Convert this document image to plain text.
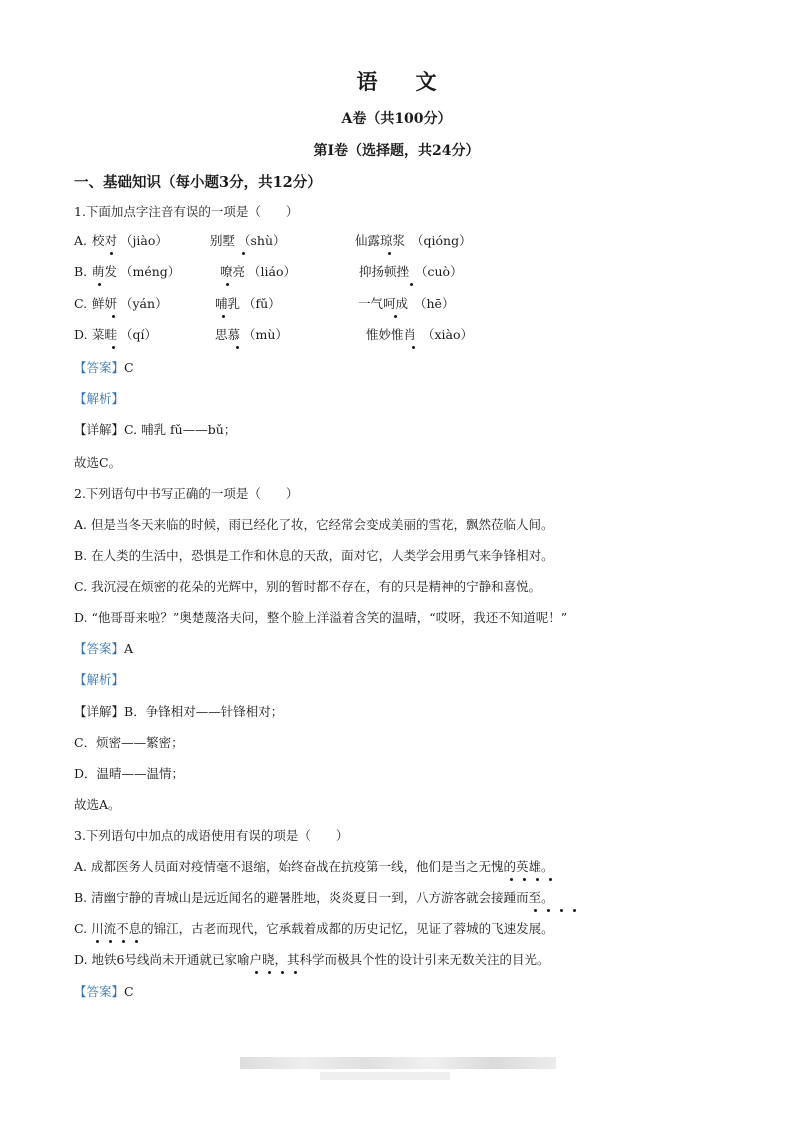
语文
A卷（共100分）
第Ⅰ卷（选择题，共24分）
一、基础知识（每小题3分，共12分）
1.下面加点字注音有误的一项是（　　）
A. 校对 （jiào）	别墅 （shù）	仙露琼浆 （qióng）
B. 萌发 （méng）	嘹亮 （liáo）	抑扬顿挫 （cuò）
C. 鲜妍 （yán）	哺乳 （fǔ）	一气呵成 （hē）
D. 菜畦 （qí）	思慕 （mù）	惟妙惟肖 （xiào）
【答案】C
【解析】
【详解】C. 哺乳 fǔ——bǔ；
故选C。
2.下列语句中书写正确的一项是（　　）
A. 但是当冬天来临的时候，雨已经化了妆，它经常会变成美丽的雪花，飘然莅临人间。
B. 在人类的生活中，恐惧是工作和休息的天敌，面对它，人类学会用勇气来争锋相对。
C. 我沉浸在烦密的花朵的光辉中，别的暂时都不存在，有的只是精神的宁静和喜悦。
D. “他哥哥来啦？”奥楚蔑洛夫问，整个脸上洋溢着含笑的温晴，“哎呀，我还不知道呢！”
【答案】A
【解析】
【详解】B．争锋相对——针锋相对；
C．烦密——繁密；
D．温晴——温情；
故选A。
3.下列语句中加点的成语使用有误的项是（　　）
A. 成都医务人员面对疫情毫不退缩，始终奋战在抗疫第一线，他们是当之无愧的英雄。
B. 清幽宁静的青城山是远近闻名的避暑胜地，炎炎夏日一到，八方游客就会接踵而至。
C. 川流不息的锦江，古老而现代，它承载着成都的历史记忆，见证了蓉城的飞速发展。
D. 地铁6号线尚未开通就已家喻户晓，其科学而极具个性的设计引来无数关注的目光。
【答案】C
